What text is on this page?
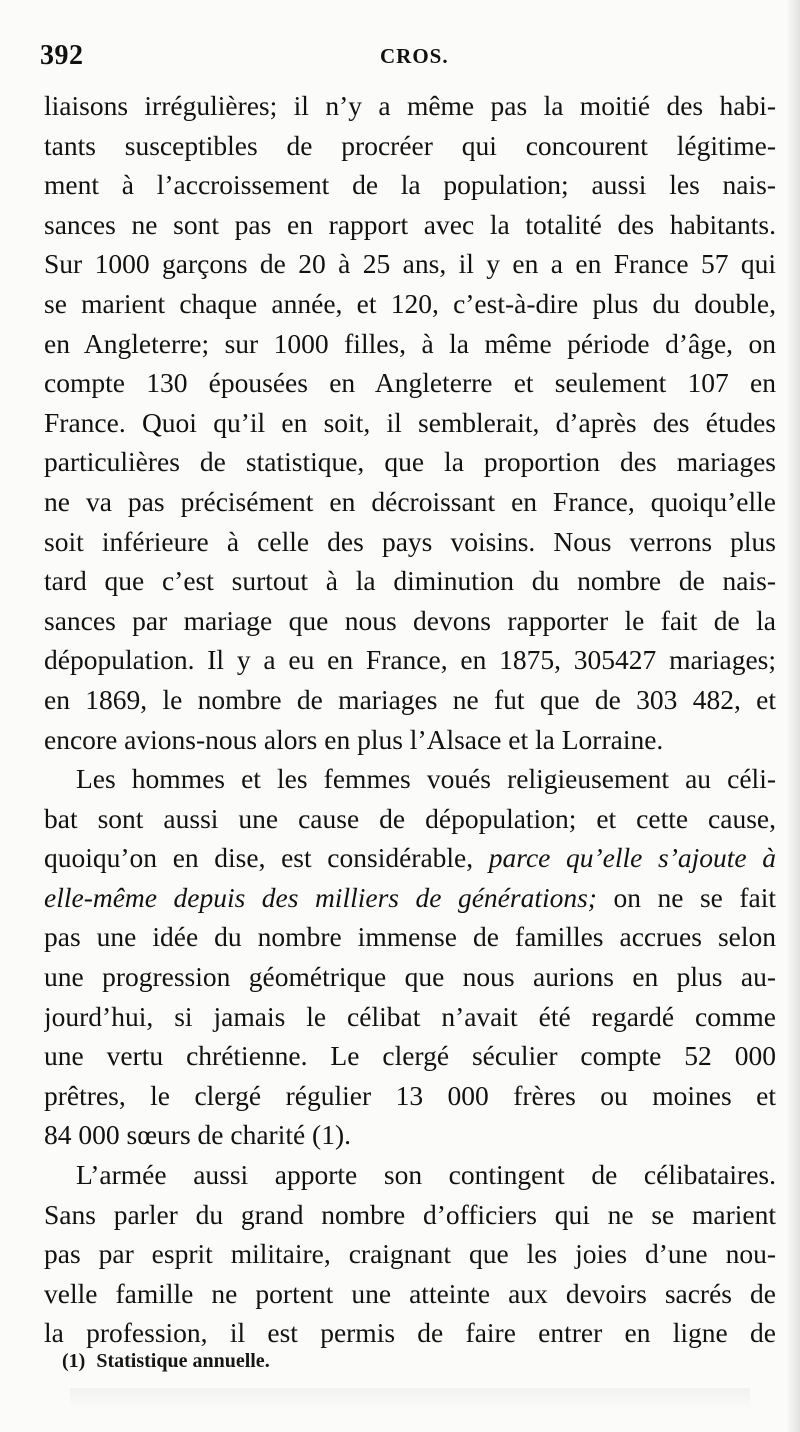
392	CROS.
liaisons irrégulières; il n’y a même pas la moitié des habi-
tants susceptibles de procréer qui concourent légitime-
ment à l’accroissement de la population; aussi les nais-
sances ne sont pas en rapport avec la totalité des habitants.
Sur 1000 garçons de 20 à 25 ans, il y en a en France 57 qui
se marient chaque année, et 120, c’est-à-dire plus du double,
en Angleterre; sur 1000 filles, à la même période d’âge, on
compte 130 épousées en Angleterre et seulement 107 en
France. Quoi qu’il en soit, il semblerait, d’après des études
particulières de statistique, que la proportion des mariages
ne va pas précisément en décroissant en France, quoiqu’elle
soit inférieure à celle des pays voisins. Nous verrons plus
tard que c’est surtout à la diminution du nombre de nais-
sances par mariage que nous devons rapporter le fait de la
dépopulation. Il y a eu en France, en 1875, 305427 mariages;
en 1869, le nombre de mariages ne fut que de 303 482, et
encore avions-nous alors en plus l’Alsace et la Lorraine.
Les hommes et les femmes voués religieusement au céli-
bat sont aussi une cause de dépopulation; et cette cause,
quoiqu’on en dise, est considérable, parce qu’elle s’ajoute à
elle-même depuis des milliers de générations; on ne se fait
pas une idée du nombre immense de familles accrues selon
une progression géométrique que nous aurions en plus au-
jourd’hui, si jamais le célibat n’avait été regardé comme
une vertu chrétienne. Le clergé séculier compte 52 000
prêtres, le clergé régulier 13 000 frères ou moines et
84 000 sœurs de charité (1).
L’armée aussi apporte son contingent de célibataires.
Sans parler du grand nombre d’officiers qui ne se marient
pas par esprit militaire, craignant que les joies d’une nou-
velle famille ne portent une atteinte aux devoirs sacrés de
la profession, il est permis de faire entrer en ligne de
(1) Statistique annuelle.
